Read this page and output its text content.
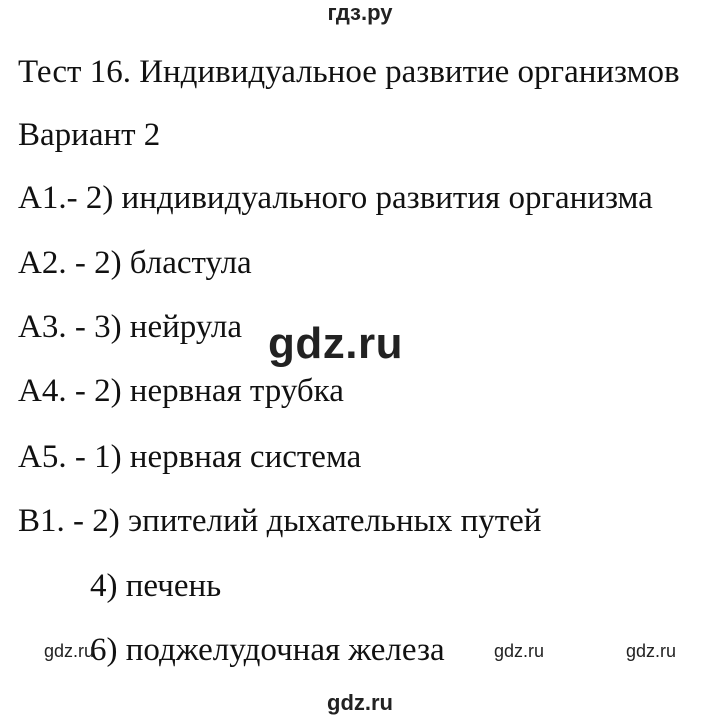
гдз.ру
Тест 16. Индивидуальное развитие организмов
Вариант 2
А1.- 2) индивидуального развития организма
А2. - 2) бластула
А3. - 3) нейрула
А4. - 2) нервная трубка
А5. - 1) нервная система
В1. - 2) эпителий дыхательных путей
4) печень
6) поджелудочная железа
gdz.ru
gdz.ru	gdz.ru	gdz.ru
gdz.ru
